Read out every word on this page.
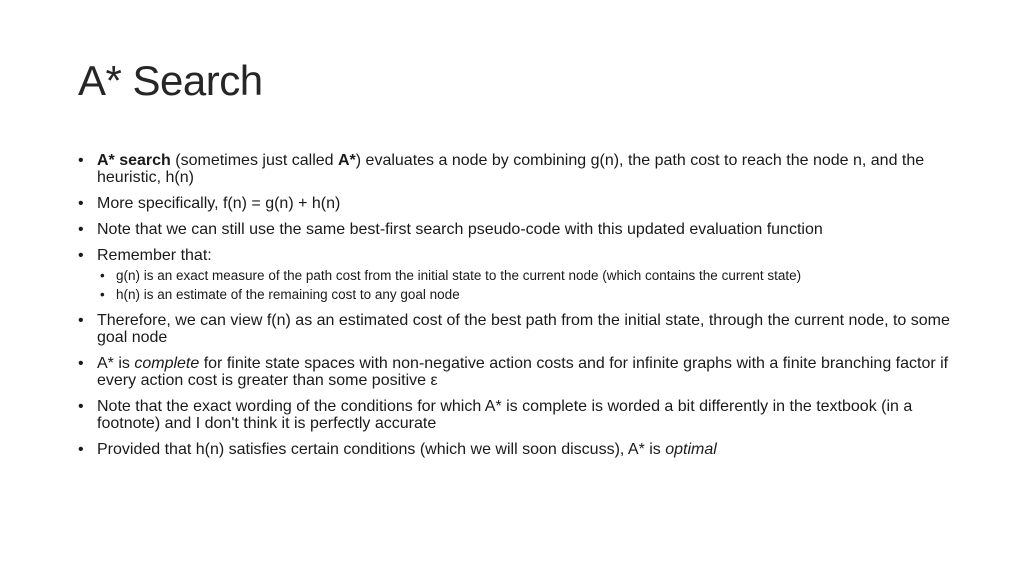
A* Search
• A* search (sometimes just called A*) evaluates a node by combining g(n), the path cost to reach the node n, and the heuristic, h(n)
• More specifically, f(n) = g(n) + h(n)
• Note that we can still use the same best-first search pseudo-code with this updated evaluation function
• Remember that:
• g(n) is an exact measure of the path cost from the initial state to the current node (which contains the current state)
• h(n) is an estimate of the remaining cost to any goal node
• Therefore, we can view f(n) as an estimated cost of the best path from the initial state, through the current node, to some goal node
• A* is complete for finite state spaces with non-negative action costs and for infinite graphs with a finite branching factor if every action cost is greater than some positive ε
• Note that the exact wording of the conditions for which A* is complete is worded a bit differently in the textbook (in a footnote) and I don't think it is perfectly accurate
• Provided that h(n) satisfies certain conditions (which we will soon discuss), A* is optimal
